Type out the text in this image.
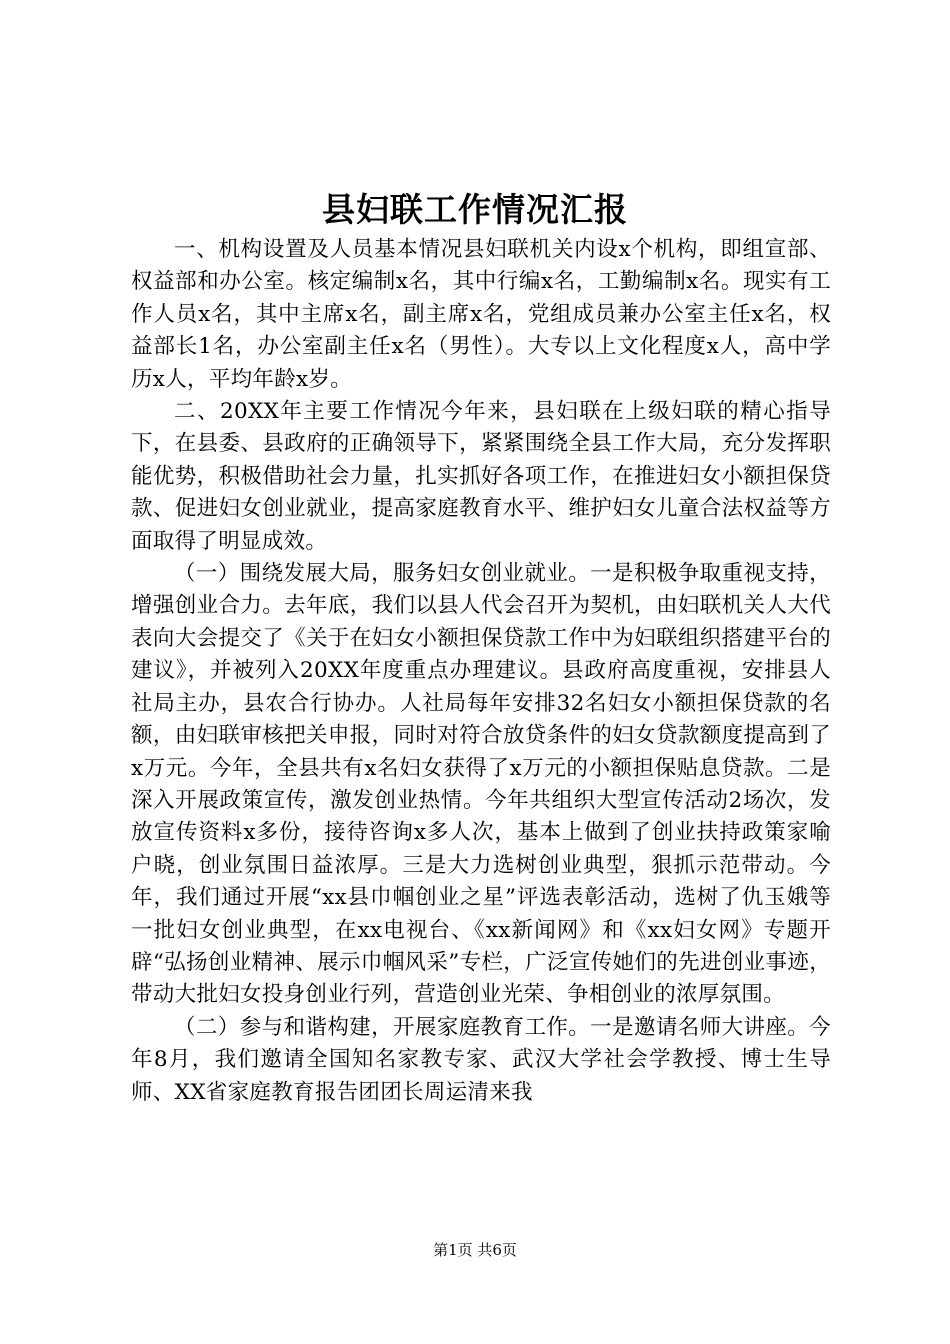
县妇联工作情况汇报

一、机构设置及人员基本情况县妇联机关内设x个机构，即组宣部、权益部和办公室。核定编制x名，其中行编x名，工勤编制x名。现实有工作人员x名，其中主席x名，副主席x名，党组成员兼办公室主任x名，权益部长1名，办公室副主任x名（男性）。大专以上文化程度x人，高中学历x人，平均年龄x岁。

二、20XX年主要工作情况今年来，县妇联在上级妇联的精心指导下，在县委、县政府的正确领导下，紧紧围绕全县工作大局，充分发挥职能优势，积极借助社会力量，扎实抓好各项工作，在推进妇女小额担保贷款、促进妇女创业就业，提高家庭教育水平、维护妇女儿童合法权益等方面取得了明显成效。

（一）围绕发展大局，服务妇女创业就业。一是积极争取重视支持，增强创业合力。去年底，我们以县人代会召开为契机，由妇联机关人大代表向大会提交了《关于在妇女小额担保贷款工作中为妇联组织搭建平台的建议》，并被列入20XX年度重点办理建议。县政府高度重视，安排县人社局主办，县农合行协办。人社局每年安排32名妇女小额担保贷款的名额，由妇联审核把关申报，同时对符合放贷条件的妇女贷款额度提高到了x万元。今年，全县共有x名妇女获得了x万元的小额担保贴息贷款。二是深入开展政策宣传，激发创业热情。今年共组织大型宣传活动2场次，发放宣传资料x多份，接待咨询x多人次，基本上做到了创业扶持政策家喻户晓，创业氛围日益浓厚。三是大力选树创业典型，狠抓示范带动。今年，我们通过开展“xx县巾帼创业之星”评选表彰活动，选树了仇玉娥等一批妇女创业典型，在xx电视台、《xx新闻网》和《xx妇女网》专题开辟“弘扬创业精神、展示巾帼风采”专栏，广泛宣传她们的先进创业事迹，带动大批妇女投身创业行列，营造创业光荣、争相创业的浓厚氛围。

（二）参与和谐构建，开展家庭教育工作。一是邀请名师大讲座。今年8月，我们邀请全国知名家教专家、武汉大学社会学教授、博士生导师、XX省家庭教育报告团团长周运清来我

第1页 共6页
